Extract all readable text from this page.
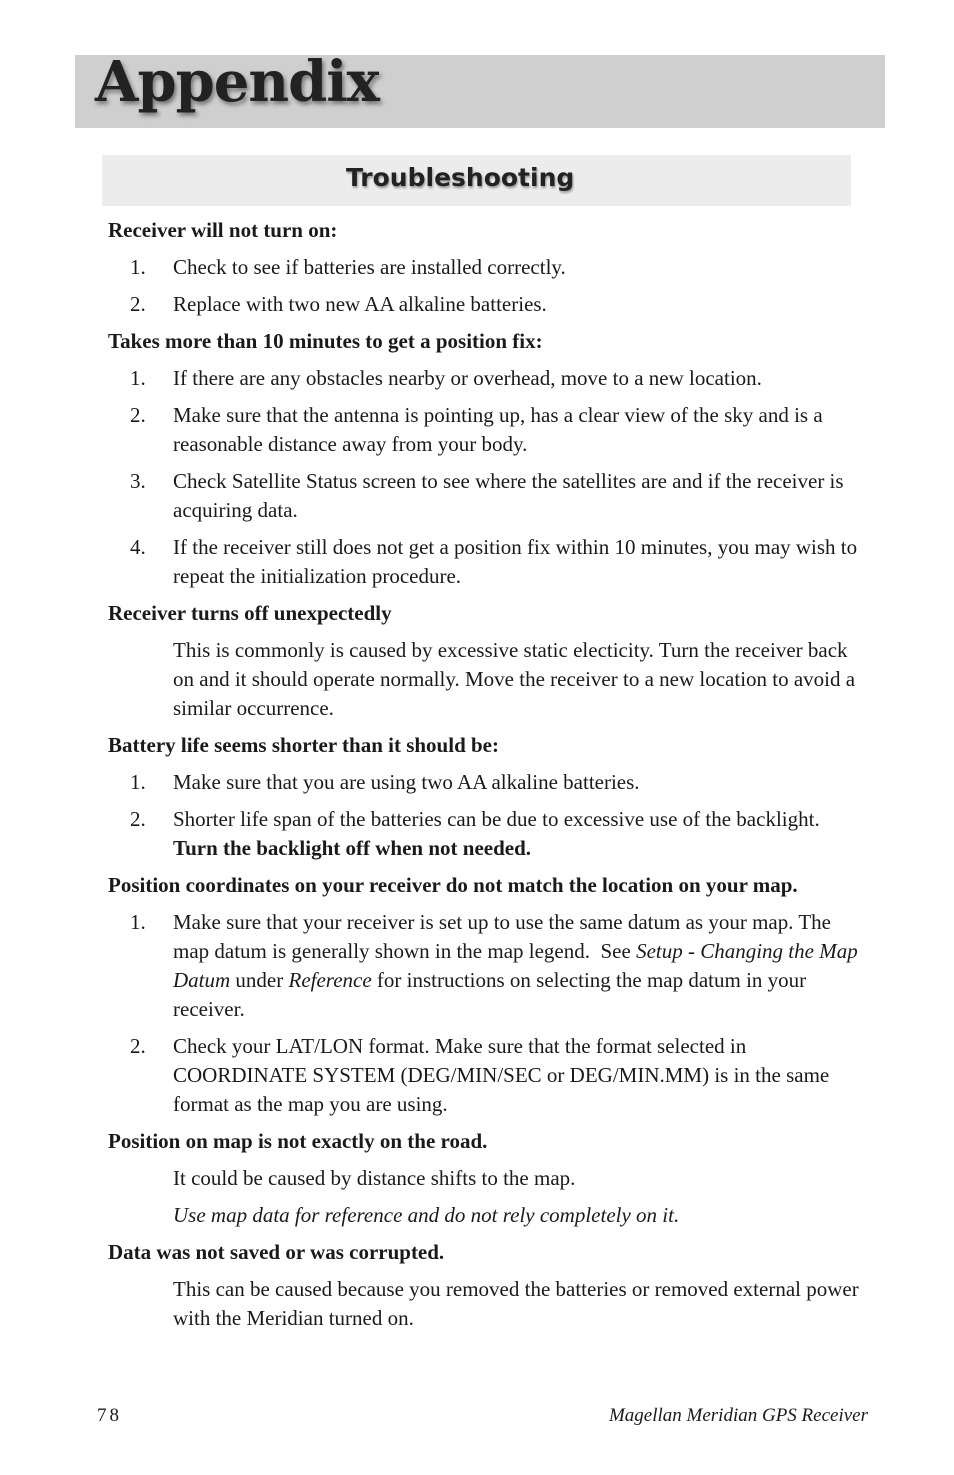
Appendix
Troubleshooting
Receiver will not turn on:
1. Check to see if batteries are installed correctly.
2. Replace with two new AA alkaline batteries.
Takes more than 10 minutes to get a position fix:
1. If there are any obstacles nearby or overhead, move to a new location.
2. Make sure that the antenna is pointing up, has a clear view of the sky and is a reasonable distance away from your body.
3. Check Satellite Status screen to see where the satellites are and if the receiver is acquiring data.
4. If the receiver still does not get a position fix within 10 minutes, you may wish to repeat the initialization procedure.
Receiver turns off unexpectedly
This is commonly is caused by excessive static electicity. Turn the receiver back on and it should operate normally. Move the receiver to a new location to avoid a similar occurrence.
Battery life seems shorter than it should be:
1. Make sure that you are using two AA alkaline batteries.
2. Shorter life span of the batteries can be due to excessive use of the backlight.  Turn the backlight off when not needed.
Position coordinates on your receiver do not match the location on your map.
1. Make sure that your receiver is set up to use the same datum as your map. The map datum is generally shown in the map legend.  See Setup - Changing the Map Datum under Reference for instructions on selecting the map datum in your receiver.
2. Check your LAT/LON format. Make sure that the format selected in COORDINATE SYSTEM (DEG/MIN/SEC or DEG/MIN.MM) is in the same format as the map you are using.
Position on map is not exactly on the road.
It could be caused by distance shifts to the map.
Use map data for reference and do not rely completely on it.
Data was not saved or was corrupted.
This can be caused because you removed the batteries or removed external power with the Meridian turned on.
78	Magellan Meridian GPS Receiver
